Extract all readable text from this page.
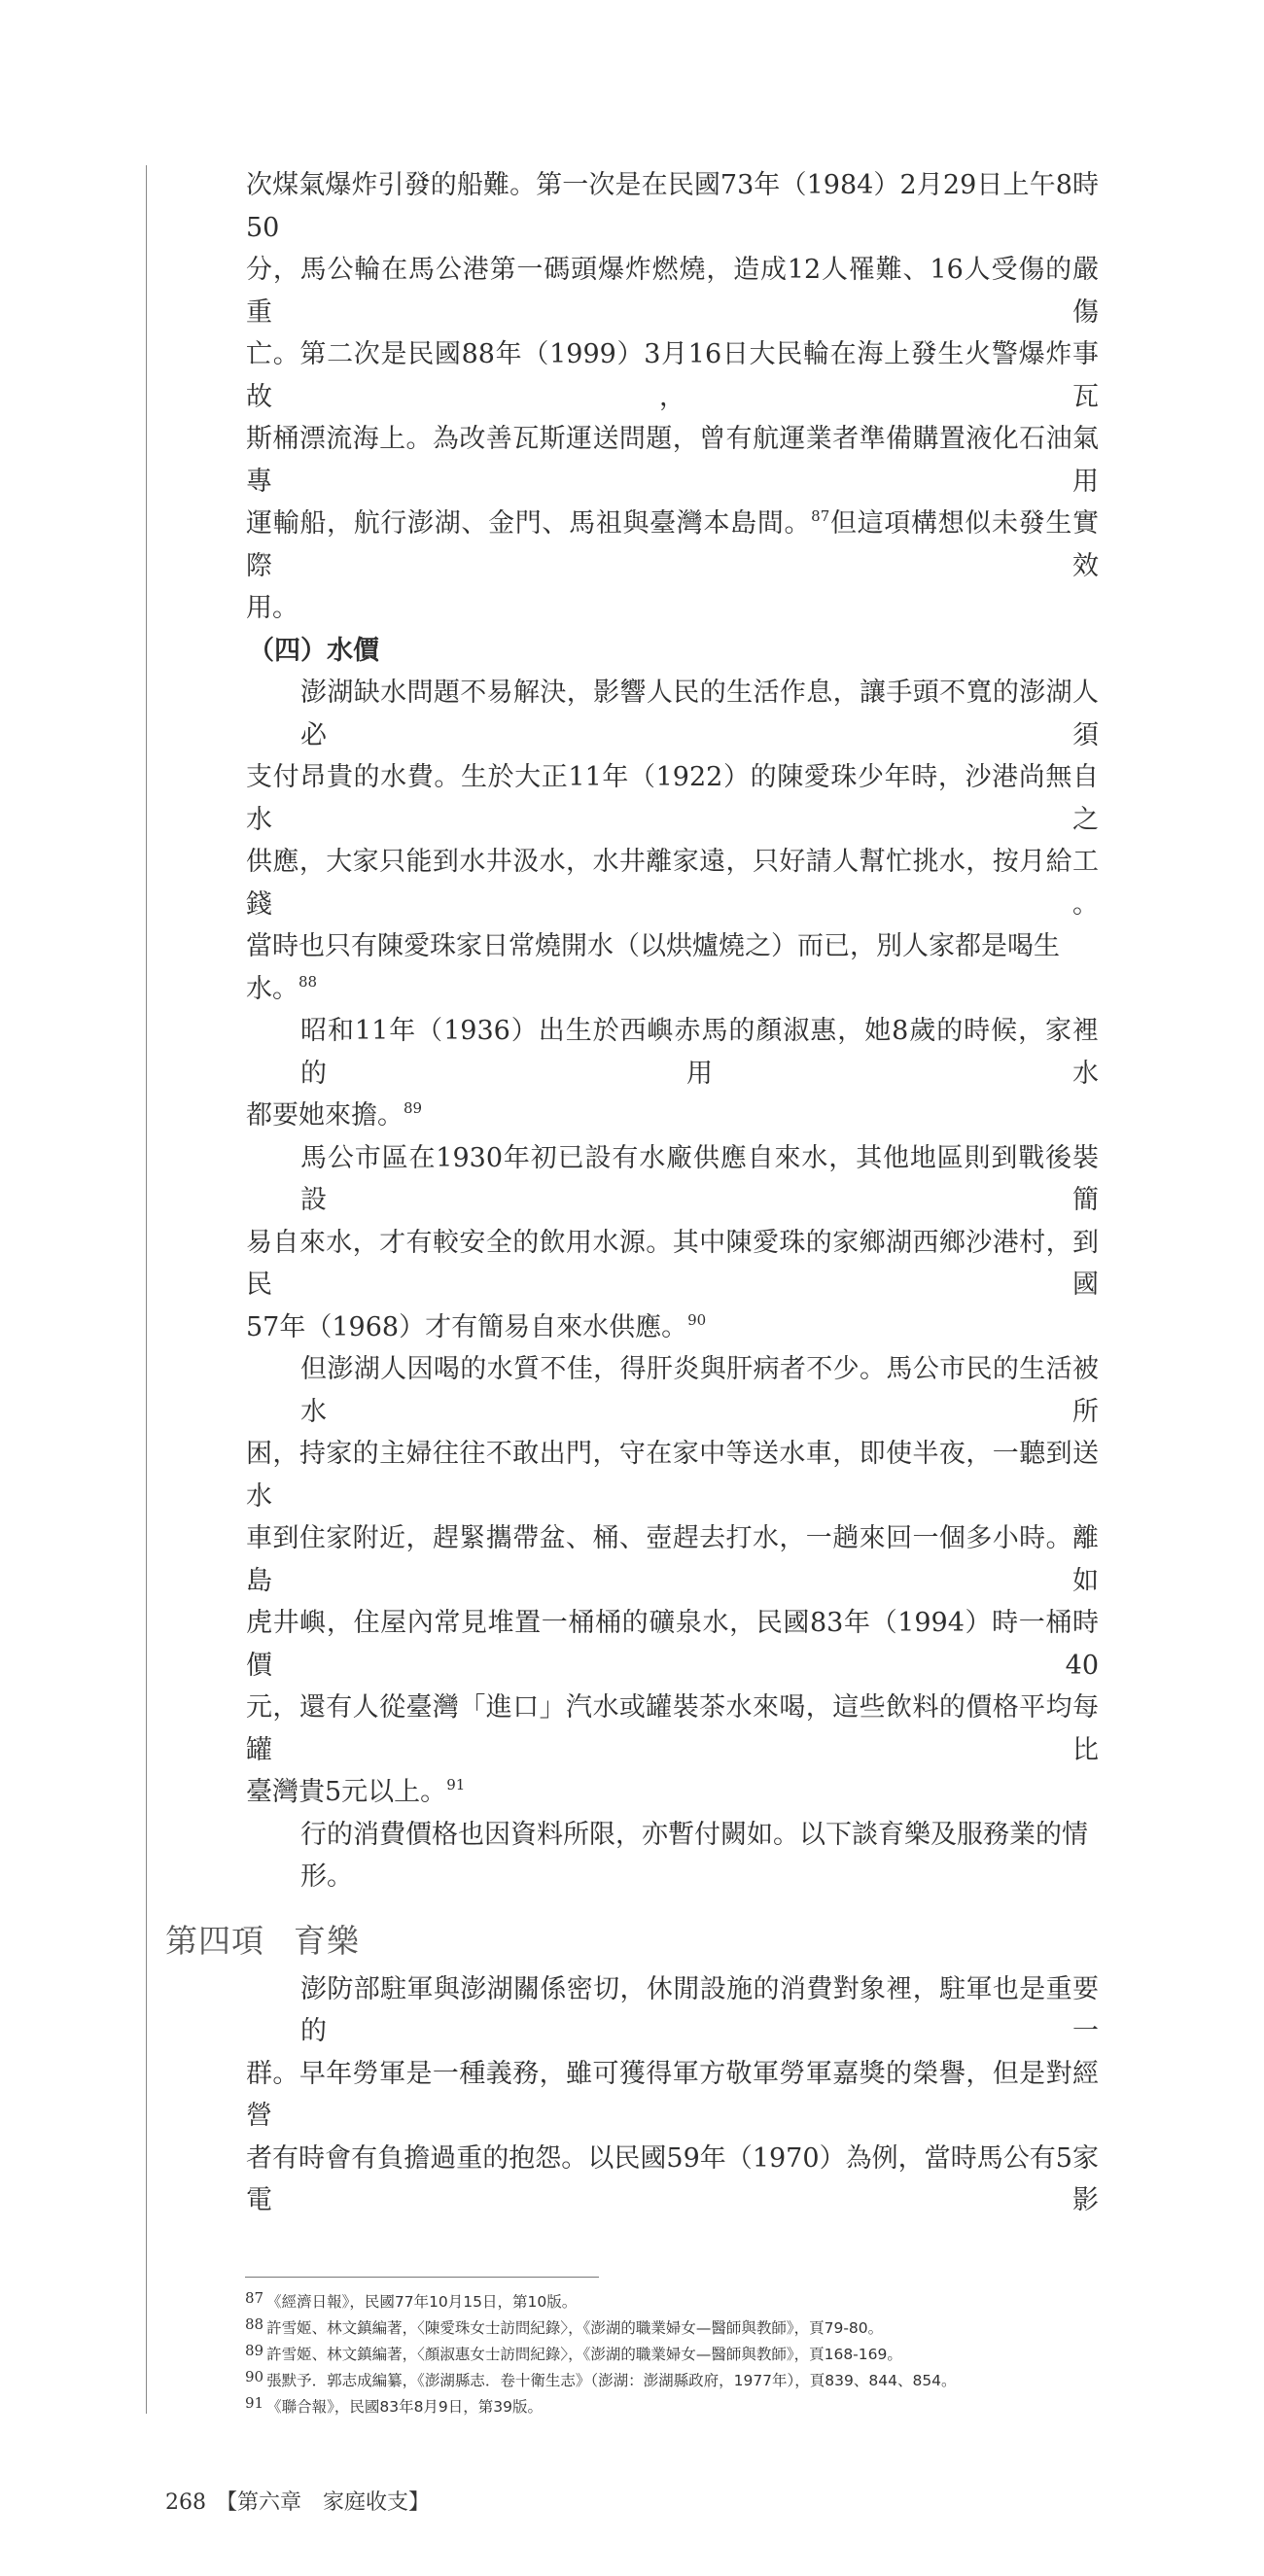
次煤氣爆炸引發的船難。第一次是在民國73年（1984）2月29日上午8時50
分，馬公輪在馬公港第一碼頭爆炸燃燒，造成12人罹難、16人受傷的嚴重傷
亡。第二次是民國88年（1999）3月16日大民輪在海上發生火警爆炸事故，瓦
斯桶漂流海上。為改善瓦斯運送問題，曾有航運業者準備購置液化石油氣專用
運輸船，航行澎湖、金門、馬祖與臺灣本島間。$^{87}$但這項構想似未發生實際效
用。
（四）水價
澎湖缺水問題不易解決，影響人民的生活作息，讓手頭不寬的澎湖人必須
支付昂貴的水費。生於大正11年（1922）的陳愛珠少年時，沙港尚無自水之
供應，大家只能到水井汲水，水井離家遠，只好請人幫忙挑水，按月給工錢。
當時也只有陳愛珠家日常燒開水（以烘爐燒之）而已，別人家都是喝生水。$^{88}$
昭和11年（1936）出生於西嶼赤馬的顏淑惠，她8歲的時候，家裡的用水
都要她來擔。$^{89}$
馬公市區在1930年初已設有水廠供應自來水，其他地區則到戰後裝設簡
易自來水，才有較安全的飲用水源。其中陳愛珠的家鄉湖西鄉沙港村，到民國
57年（1968）才有簡易自來水供應。$^{90}$
但澎湖人因喝的水質不佳，得肝炎與肝病者不少。馬公市民的生活被水所
困，持家的主婦往往不敢出門，守在家中等送水車，即使半夜，一聽到送水
車到住家附近，趕緊攜帶盆、桶、壺趕去打水，一趟來回一個多小時。離島如
虎井嶼，住屋內常見堆置一桶桶的礦泉水，民國83年（1994）時一桶時價40
元，還有人從臺灣「進口」汽水或罐裝茶水來喝，這些飲料的價格平均每罐比
臺灣貴5元以上。$^{91}$
行的消費價格也因資料所限，亦暫付闕如。以下談育樂及服務業的情形。
第四項 育樂
澎防部駐軍與澎湖關係密切，休閒設施的消費對象裡，駐軍也是重要的一
群。早年勞軍是一種義務，雖可獲得軍方敬軍勞軍嘉獎的榮譽，但是對經營
者有時會有負擔過重的抱怨。以民國59年（1970）為例，當時馬公有5家電影
$^{87}$ 《經濟日報》，民國77年10月15日，第10版。
$^{88}$ 許雪姬、林文鎮編著，〈陳愛珠女士訪問紀錄〉，《澎湖的職業婦女—醫師與教師》，頁79-80。
$^{89}$ 許雪姬、林文鎮編著，〈顏淑惠女士訪問紀錄〉，《澎湖的職業婦女—醫師與教師》，頁168-169。
$^{90}$ 張默予．郭志成編纂，《澎湖縣志．卷十衛生志》（澎湖：澎湖縣政府，1977年），頁839、844、854。
$^{91}$ 《聯合報》，民國83年8月9日，第39版。
268 【第六章　家庭收支】
